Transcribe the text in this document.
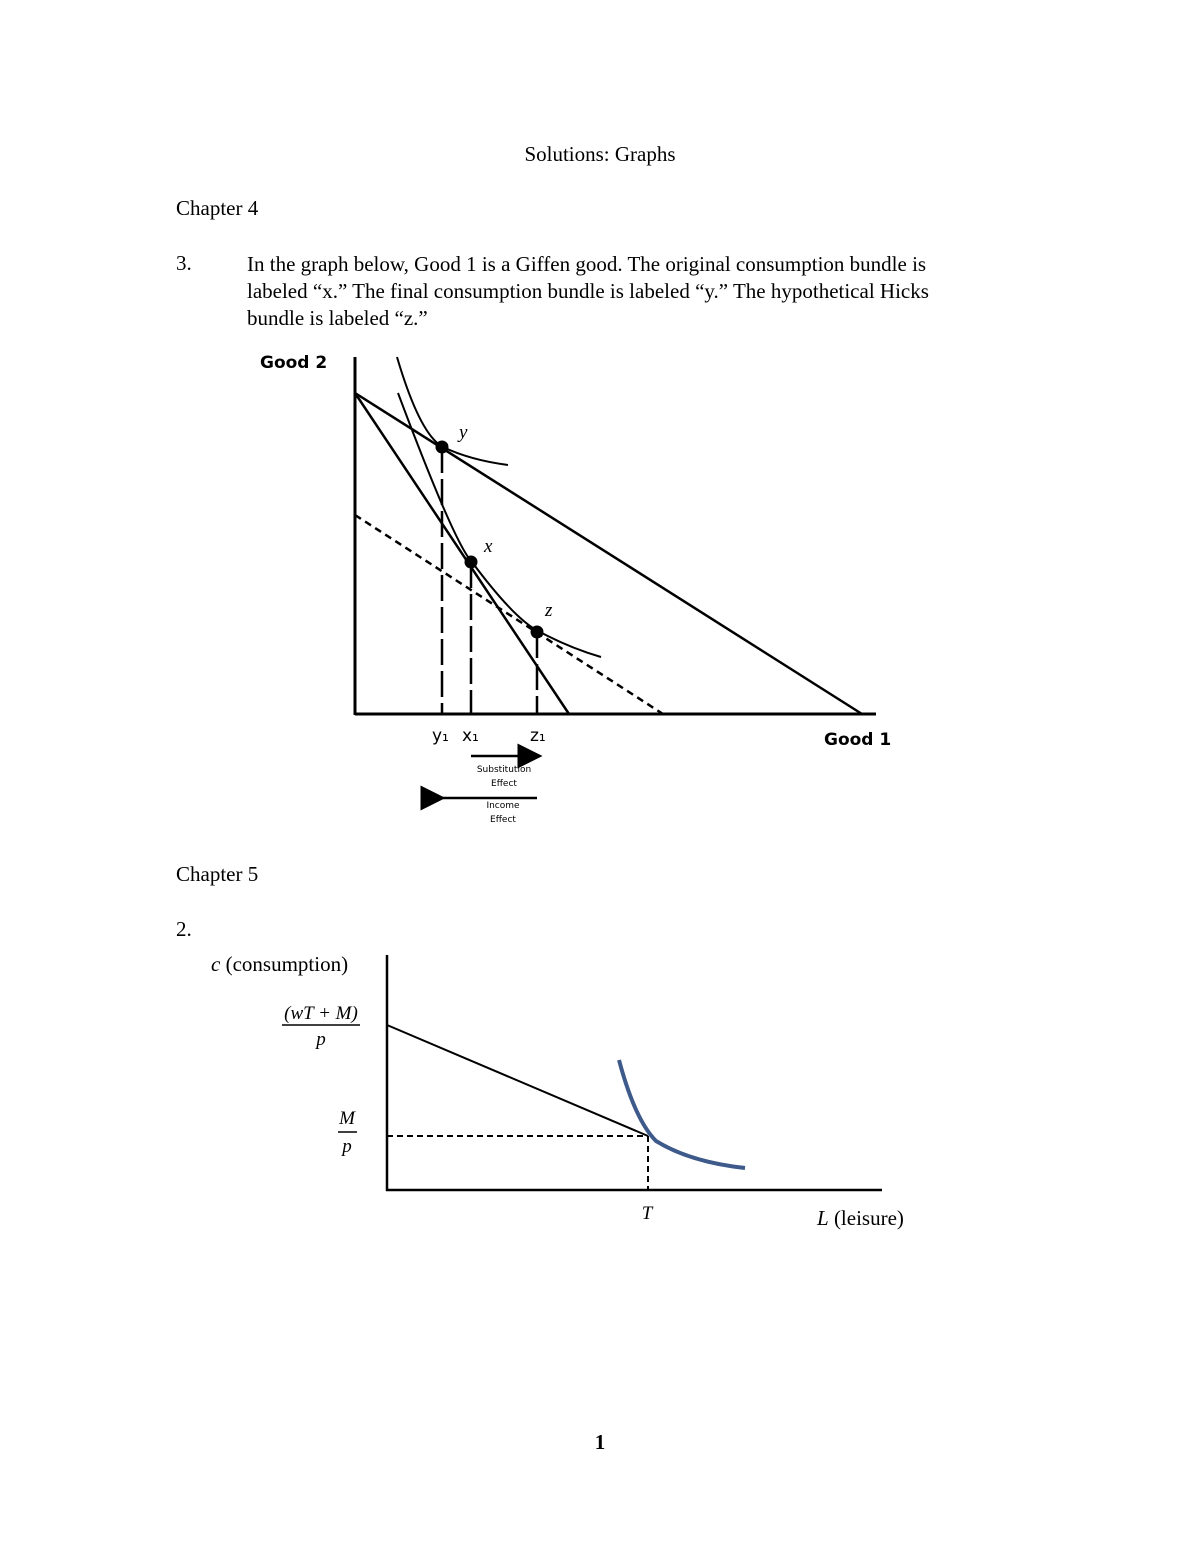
Solutions: Graphs
Chapter 4
3.	In the graph below, Good 1 is a Giffen good. The original consumption bundle is
labeled “x.” The final consumption bundle is labeled “y.” The hypothetical Hicks
bundle is labeled “z.”
Chapter 5
2.
y
x
z
Good 2
Good 1
y₁ x₁	z₁
Substitution
Effect
Income
Effect
c (consumption)
(wT + M)
p
M
p
T	L (leisure)
1
